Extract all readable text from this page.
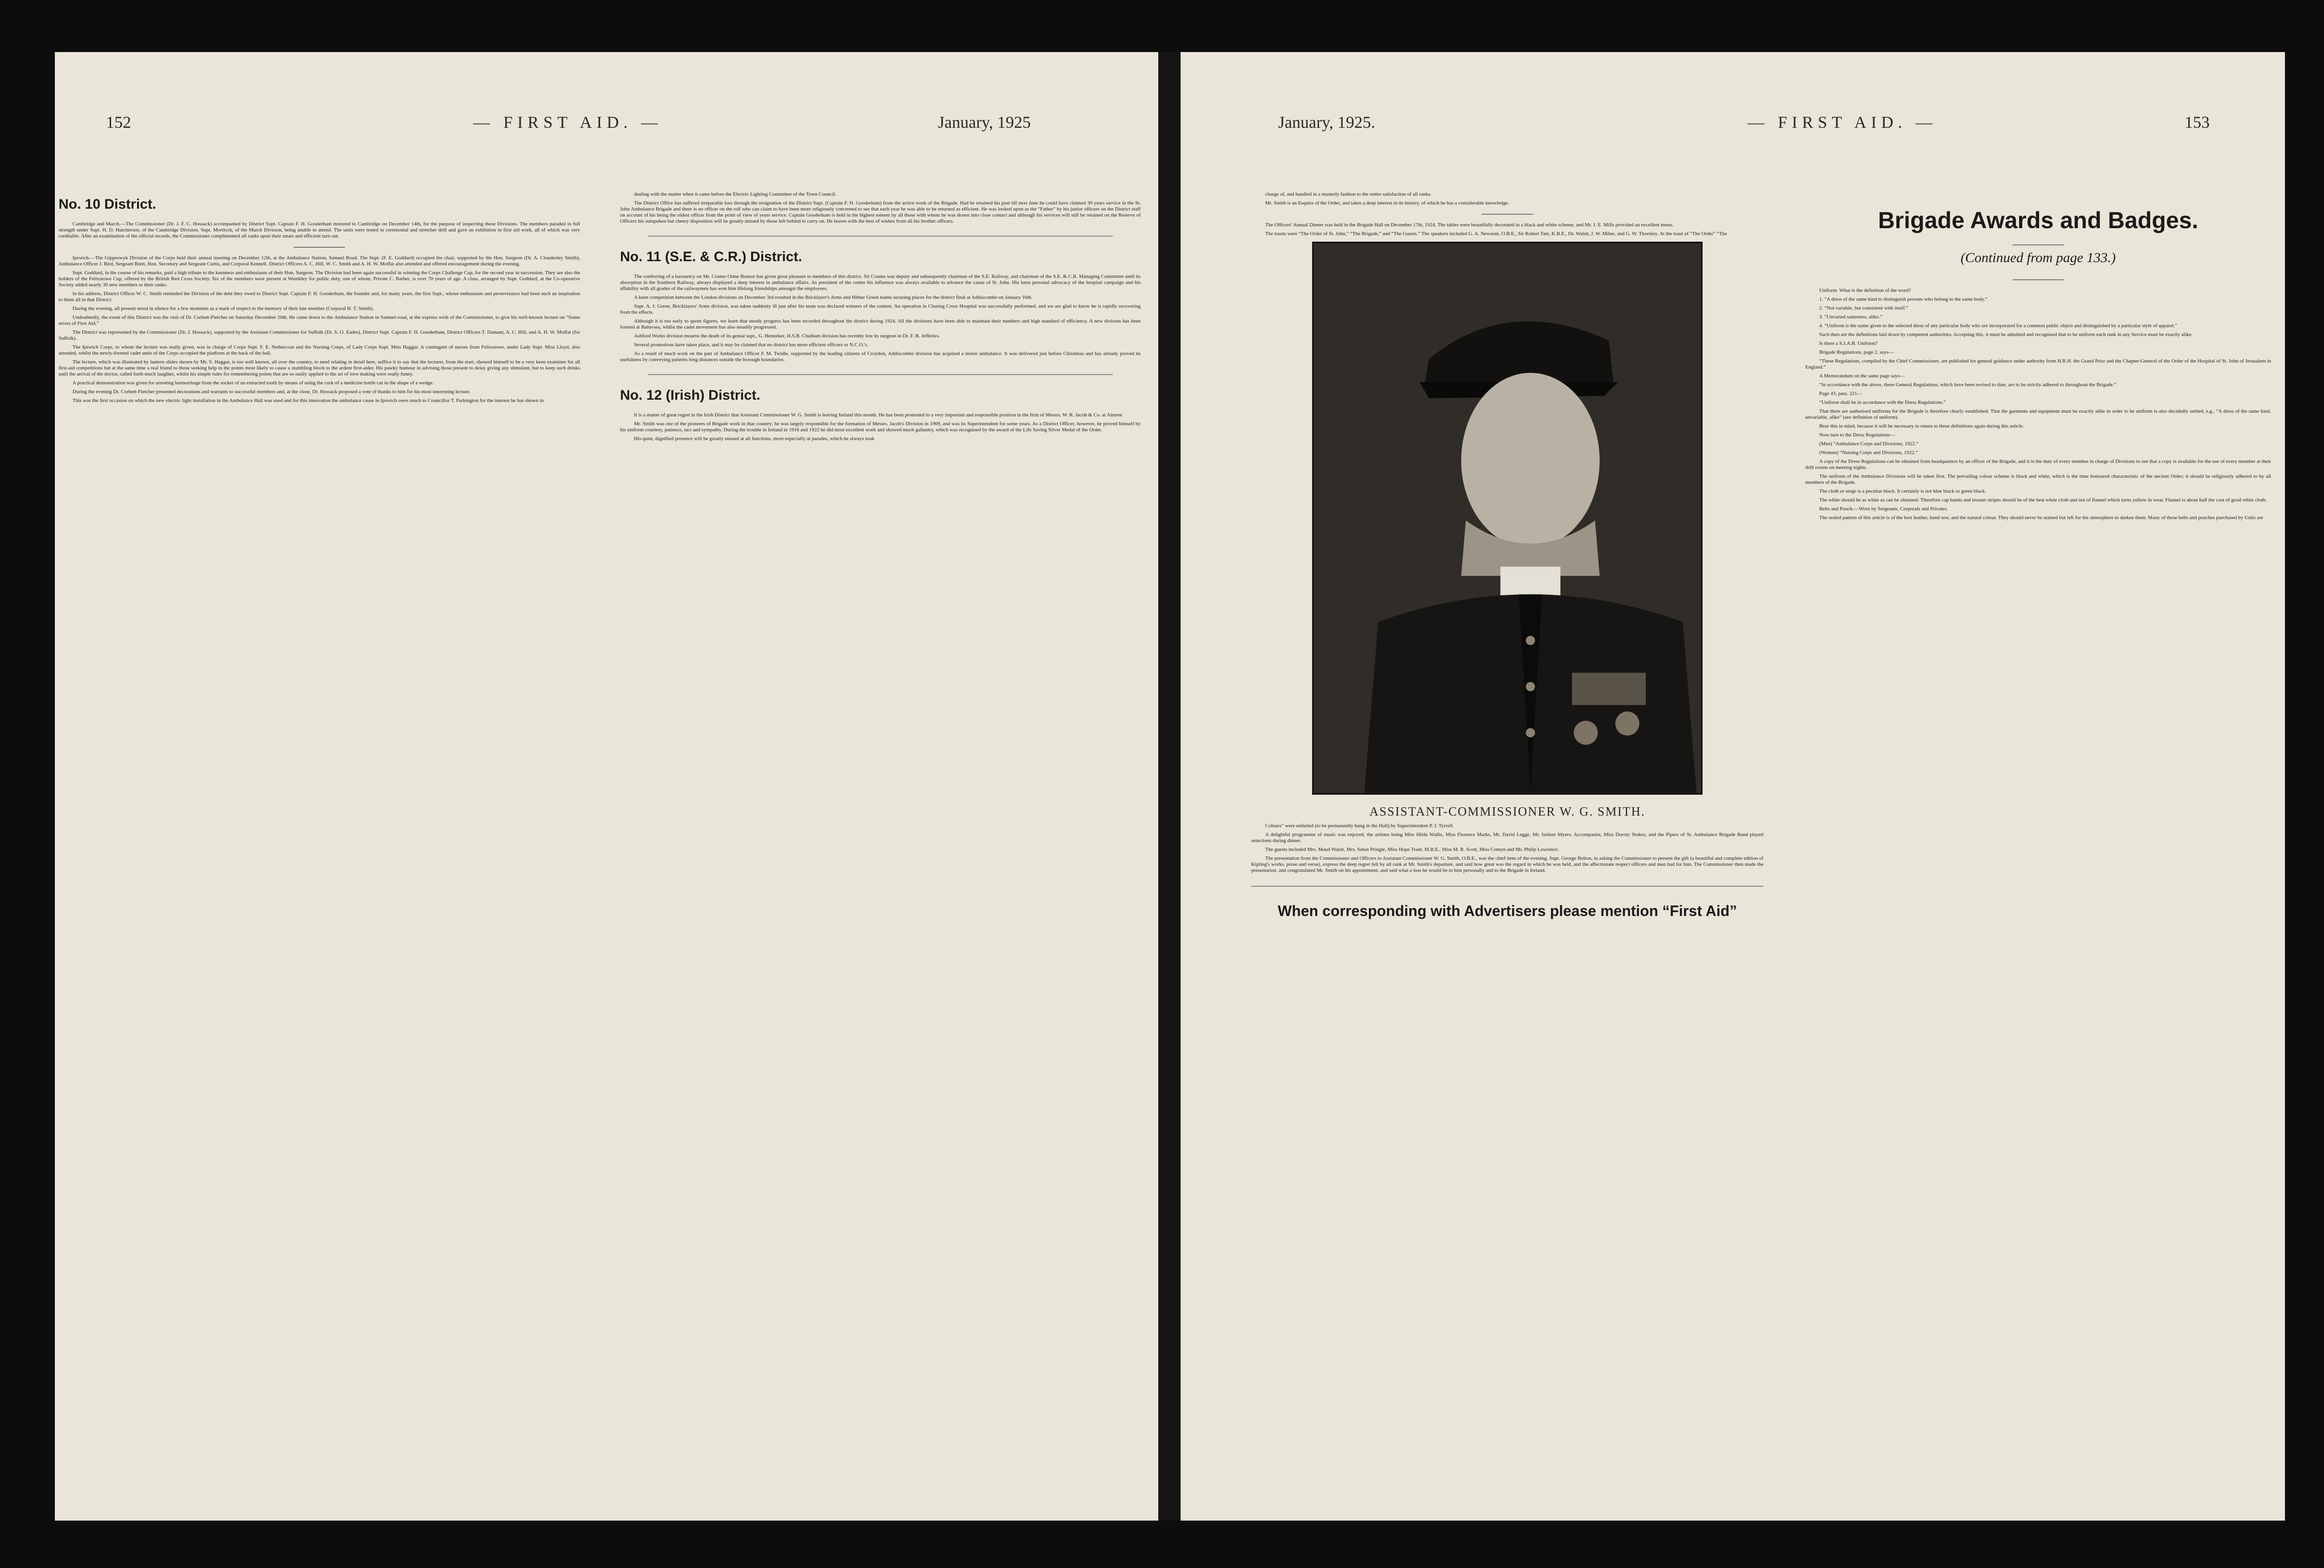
152	— FIRST AID. —	January, 1925
No. 10 District.

Cambridge and March.—The Commissioner (Dr. J. F. C. Hossack) accompanied by District Supt. Captain F. H. Gooderham motored to Cambridge on December 14th, for the purpose of inspecting these Divisions. The members paraded in full strength under Supt. H. D. Hutcherson, of the Cambridge Division, Supt. Mortlock, of the March Division, being unable to attend. The units were tested in ceremonial and stretcher drill and gave an exhibition in first aid work, all of which was very creditable. After an examination of the official records, the Commissioner complimented all ranks upon their smart and efficient turn out.

Ipswich.—The Gippeswyk Division of the Corps held their annual meeting on December 12th, at the Ambulance Station, Samuel Road. The Supt. (F. E. Goddard) occupied the chair, supported by the Hon. Surgeon (Dr. A. Cloudesley Smith), Ambulance Officer J. Bird, Sergeant Brett, Hon. Secretary and Sergeant Curtis, and Corporal Kennell. District Officers A. C. Hill, W. C. Smith and A. H. W. Moffat also attended and offered encouragement during the evening.

Supt. Goddard, in the course of his remarks, paid a high tribute to the keenness and enthusiasm of their Hon. Surgeon. The Division had been again successful in winning the Corps Challenge Cup, for the second year in succession. They are also the holders of the Felixstowe Cup, offered by the British Red Cross Society. Six of the members were present at Wembley for public duty, one of whom, Private C. Barber, is over 70 years of age. A class, arranged by Supt. Goddard, at the Co-operative Society added nearly 30 new members to their ranks.

In his address, District Officer W. C. Smith reminded the Division of the debt they owed to District Supt. Captain F. H. Gooderham, the founder and, for many years, the first Supt., whose enthusiasm and perseverance had been such an inspiration to them all in that District.

During the evening, all present stood in silence for a few moments as a mark of respect to the memory of their late member (Corporal H. T. Smith).

Undoubtedly, the event of this District was the visit of Dr. Corbett-Fletcher on Saturday December 20th. He came down to the Ambulance Station in Samuel-road, at the express wish of the Commissioner, to give his well-known lecture on “Some errors of First Aid.”

The District was represented by the Commissioner (Dr. J. Hossack), supported by the Assistant Commissioner for Suffolk (Dr. S. O. Eades), District Supt. Captain F. H. Gooderham, District Officers T. Damant, A. C. Hill, and A. H. W. Moffat (for Suffolk).

The Ipswich Corps, to whom the lecture was really given, was in charge of Corps Supt. F. E. Nethercoat and the Nursing Corps, of Lady Corps Supt. Miss Haggar. A contingent of nurses from Felixstowe, under Lady Supt. Miss Lloyd, also attended, whilst the newly-formed cadet units of the Corps occupied the platform at the back of the hall.

The lecture, which was illustrated by lantern slides shown by Mr. S. Haggar, is too well known, all over the country, to need relating in detail here, suffice it to say that the lecturer, from the start, showed himself to be a very keen examiner for all first-aid competitions but at the same time a real friend to those seeking help in the points most likely to cause a stumbling block to the ardent first-aider. His pawky humour in advising those present to delay giving any stimulant, but to keep such drinks until the arrival of the doctor, called forth much laughter, whilst his simple rules for remembering points that are so easily applied to the art of love making were really funny.

A practical demonstration was given for arresting hæmorrhage from the socket of an extracted tooth by means of using the cork of a medicine bottle cut in the shape of a wedge.

During the evening Dr. Corbett-Fletcher presented decorations and warrants to successful members and, at the close, Dr. Hossack proposed a vote of thanks to him for his most interesting lecture.

This was the first occasion on which the new electric light installation in the Ambulance Hall was used and for this innovation the ambulance cause in Ipswich owes much to Councillor T. Parkington for the interest he has shown in

dealing with the matter when it came before the Electric Lighting Committee of the Town Council.

The District Office has suffered irreparable loss through the resignation of the District Supt. (Captain F. H. Gooderham) from the active work of the Brigade. Had he retained his post till next June he could have claimed 30 years service in the St. John Ambulance Brigade and there is no officer on the roll who can claim to have been more religiously concerned to see that each year he was able to be returned as efficient. He was looked upon as the “Father” by his junior officers on the District staff on account of his being the oldest officer from the point of view of years service. Captain Gooderham is held in the highest esteem by all those with whom he was drawn into close contact and although his services will still be retained on the Reserve of Officers his outspoken but cheery disposition will be greatly missed by those left behind to carry on. He leaves with the best of wishes from all his brother officers.

No. 11 (S.E. & C.R.) District.

The conferring of a baronetcy on Mr. Cosmo Orme Bonsor has given great pleasure to members of this district. Sir Cosmo was deputy and subsequently chairman of the S.E. Railway, and chairman of the S.E. & C.R. Managing Committee until its absorption in the Southern Railway, always displayed a deep interest in ambulance affairs. As president of the centre his influence was always available to advance the cause of St. John. His keen personal advocacy of the hospital campaign and his affability with all grades of the railwaymen has won him lifelong friendships amongst the employees.

A keen competition between the London divisions on December 3rd resulted in the Bricklayer's Arms and Hither Green teams securing places for the district final at Addiscombe on January 16th.

Supt. A. J. Green, Bricklayers' Arms division, was taken suddenly ill just after his team was declared winners of the contest. An operation in Charing Cross Hospital was successfully performed, and we are glad to know he is rapidly recovering from the effects.

Although it is too early to quote figures, we learn that steady progress has been recorded throughout the district during 1924. All the divisions have been able to maintain their numbers and high standard of efficiency. A new division has been formed at Battersea, whilst the cadet movement has also steadily progressed.

Ashford Works division mourns the death of its genial supt., G. Henneker, H.S.B. Chatham division has recently lost its surgeon in Dr. F. B. Jefferies.

Several promotions have taken place, and it may be claimed that no district has more efficient officers or N.C.O.'s.

As a result of much work on the part of Ambulance Officer F. M. Twidle, supported by the leading citizens of Croydon, Addiscombe division has acquired a motor ambulance. It was delivered just before Christmas and has already proved its usefulness by conveying patients long distances outside the borough boundaries.

No. 12 (Irish) District.

It is a matter of great regret in the Irish District that Assistant Commissioner W. G. Smith is leaving Ireland this month. He has been promoted to a very important and responsible position in the firm of Messrs. W. R. Jacob & Co. at Aintree.

Mr. Smith was one of the pioneers of Brigade work in that country; he was largely responsible for the formation of Messrs. Jacob's Division in 1909, and was its Superintendent for some years. As a District Officer, however, he proved himself by his uniform courtesy, patience, tact and sympathy. During the trouble in Ireland in 1916 and 1922 he did most excellent work and showed much gallantry, which was recognised by the award of the Life Saving Silver Medal of the Order.

His quiet, dignified presence will be greatly missed at all functions, more especially at parades, which he always took

January, 1925.	— FIRST AID. —	153

charge of, and handled in a masterly fashion to the entire satisfaction of all ranks.

Mr. Smith is an Esquire of the Order, and takes a deep interest in its history, of which he has a considerable knowledge.

The Officers' Annual Dinner was held in the Brigade Hall on December 17th, 1924. The tables were beautifully decorated in a black and white scheme, and Mr. J. E. Mills provided an excellent menu.

The toasts were “The Order of St. John,” “The Brigade,” and “The Guests.” The speakers included G. A. Newsom, O.B.E., Sir Robert Tate, K.B.E., Dr. Walsh, J. W. Milne, and G. W. Thornley. At the toast of “The Order” “The

ASSISTANT-COMMISSIONER W. G. SMITH.

Colours” were unfurled (to be permanently hung in the Hall) by Superintendent P. J. Tyrrell.

A delightful programme of music was enjoyed, the artistes being Miss Hilda Wallis, Miss Florence Marks, Mr. David Legge, Mr. Isidore Myers. Accompanist, Miss Doroty Stokes, and the Pipers of St. Ambulance Brigade Band played selections during dinner.

The guests included Mrs. Maud Walsh, Mrs. Seton Pringle, Miss Hope Trant, M.B.E., Miss M. R. Scott, Miss Comyn and Mr. Philip Lawrence.

The presentation from the Commissioner and Officers to Assistant Commissioner W. G. Smith, O.B.E., was the chief item of the evening. Supt. George Belton, in asking the Commissioner to present the gift (a beautiful and complete edition of Kipling's works, prose and verse), express the deep regret felt by all rank at Mr. Smith's departure, and said how great was the regard in which he was held, and the affectionate respect officers and men had for him. The Commissioner then made the presentation, and congratulated Mr. Smith on his appointment, and said what a loss he would be to him personally and to the Brigade in Ireland.

When corresponding with Advertisers please mention “First Aid”
Brigade Awards and Badges.
(Continued from page 133.)

Uniform. What is the definition of the word?

1. “A dress of the same kind to distinguish persons who belong to the same body.”

2. “Not variable, but consistent with itself.”

3. “Unvaried sameness, alike.”

4. “Uniform is the name given to the selected dress of any particular body who are incorporated for a common public object and distinguished by a particular style of apparel.”

Such then are the definitions laid down by competent authorities. Accepting this, it must be admitted and recognised that to be uniform each rank in any Service must be exactly alike.

Is there a S.J.A.B. Uniform?

Brigade Regulations, page 2, says—

“These Regulations, compiled by the Chief Commissioner, are published for general guidance under authority from H.R.H. the Grand Prior and the Chapter-General of the Order of the Hospital of St. John of Jerusalem in England.”

A Memorandum on the same page says—

“In accordance with the above, these General Regulations, which have been revised to date, are to be strictly adhered to throughout the Brigade.”

Page 43, para. 221—

“Uniform shall be in accordance with the Dress Regulations.”

That there are authorised uniforms for the Brigade is therefore clearly established. That the garments and equipment must be exactly alike in order to be uniform is also decidedly settled, e.g., “A dress of the same kind, unvariable, alike” (see definition of uniform).

Bear this in mind, because it will be necessary to return to these definitions again during this article.

Now turn to the Dress Regulations—

(Men) “Ambulance Corps and Divisions, 1922.”

(Women) “Nursing Corps and Divisions, 1922.”

A copy of the Dress Regulations can be obtained from headquarters by an officer of the Brigade, and it is the duty of every member in charge of Divisions to see that a copy is available for the use of every member at their drill rooms on meeting nights.

The uniform of the Ambulance Divisions will be taken first. The prevailing colour scheme is black and white, which is the time honoured characteristic of the ancient Order; it should be religiously adhered to by all members of the Brigade.

The cloth or serge is a peculiar black. It certainly is not blue black or green black.

The white should be as white as can be obtained. Therefore cap bands and trouser stripes should be of the best white cloth and not of flannel which turns yellow in wear. Flannel is about half the cost of good white cloth.

Belts and Pouch.—Worn by Sergeants, Corporals and Privates.

The sealed pattern of this article is of the best leather, hand sew, and the natural colour. They should never be stained but left for the atmosphere to darken them. Many of these belts and pouches purchased by Units are
